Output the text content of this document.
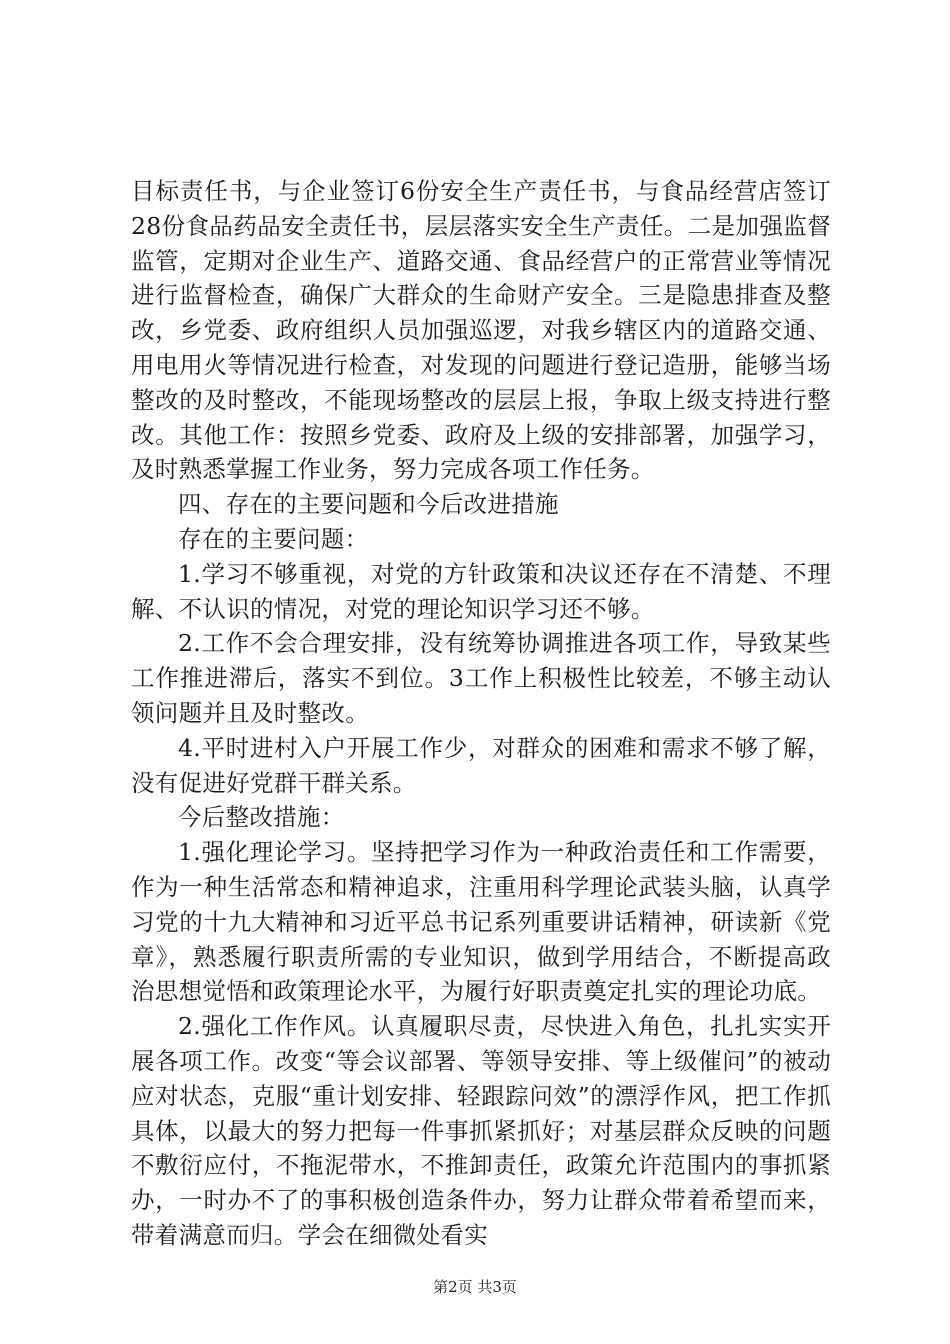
目标责任书，与企业签订6份安全生产责任书，与食品经营店签订28份食品药品安全责任书，层层落实安全生产责任。二是加强监督监管，定期对企业生产、道路交通、食品经营户的正常营业等情况进行监督检查，确保广大群众的生命财产安全。三是隐患排查及整改，乡党委、政府组织人员加强巡逻，对我乡辖区内的道路交通、用电用火等情况进行检查，对发现的问题进行登记造册，能够当场整改的及时整改，不能现场整改的层层上报，争取上级支持进行整改。其他工作：按照乡党委、政府及上级的安排部署，加强学习，及时熟悉掌握工作业务，努力完成各项工作任务。

四、存在的主要问题和今后改进措施

存在的主要问题：

1.学习不够重视，对党的方针政策和决议还存在不清楚、不理解、不认识的情况，对党的理论知识学习还不够。

2.工作不会合理安排，没有统筹协调推进各项工作，导致某些工作推进滞后，落实不到位。3工作上积极性比较差，不够主动认领问题并且及时整改。

4.平时进村入户开展工作少，对群众的困难和需求不够了解，没有促进好党群干群关系。

今后整改措施：

1.强化理论学习。坚持把学习作为一种政治责任和工作需要，作为一种生活常态和精神追求，注重用科学理论武装头脑，认真学习党的十九大精神和习近平总书记系列重要讲话精神，研读新《党章》，熟悉履行职责所需的专业知识，做到学用结合，不断提高政治思想觉悟和政策理论水平，为履行好职责奠定扎实的理论功底。

2.强化工作作风。认真履职尽责，尽快进入角色，扎扎实实开展各项工作。改变“等会议部署、等领导安排、等上级催问”的被动应对状态，克服“重计划安排、轻跟踪问效”的漂浮作风，把工作抓具体，以最大的努力把每一件事抓紧抓好；对基层群众反映的问题不敷衍应付，不拖泥带水，不推卸责任，政策允许范围内的事抓紧办，一时办不了的事积极创造条件办，努力让群众带着希望而来，带着满意而归。学会在细微处看实

第2页 共3页
